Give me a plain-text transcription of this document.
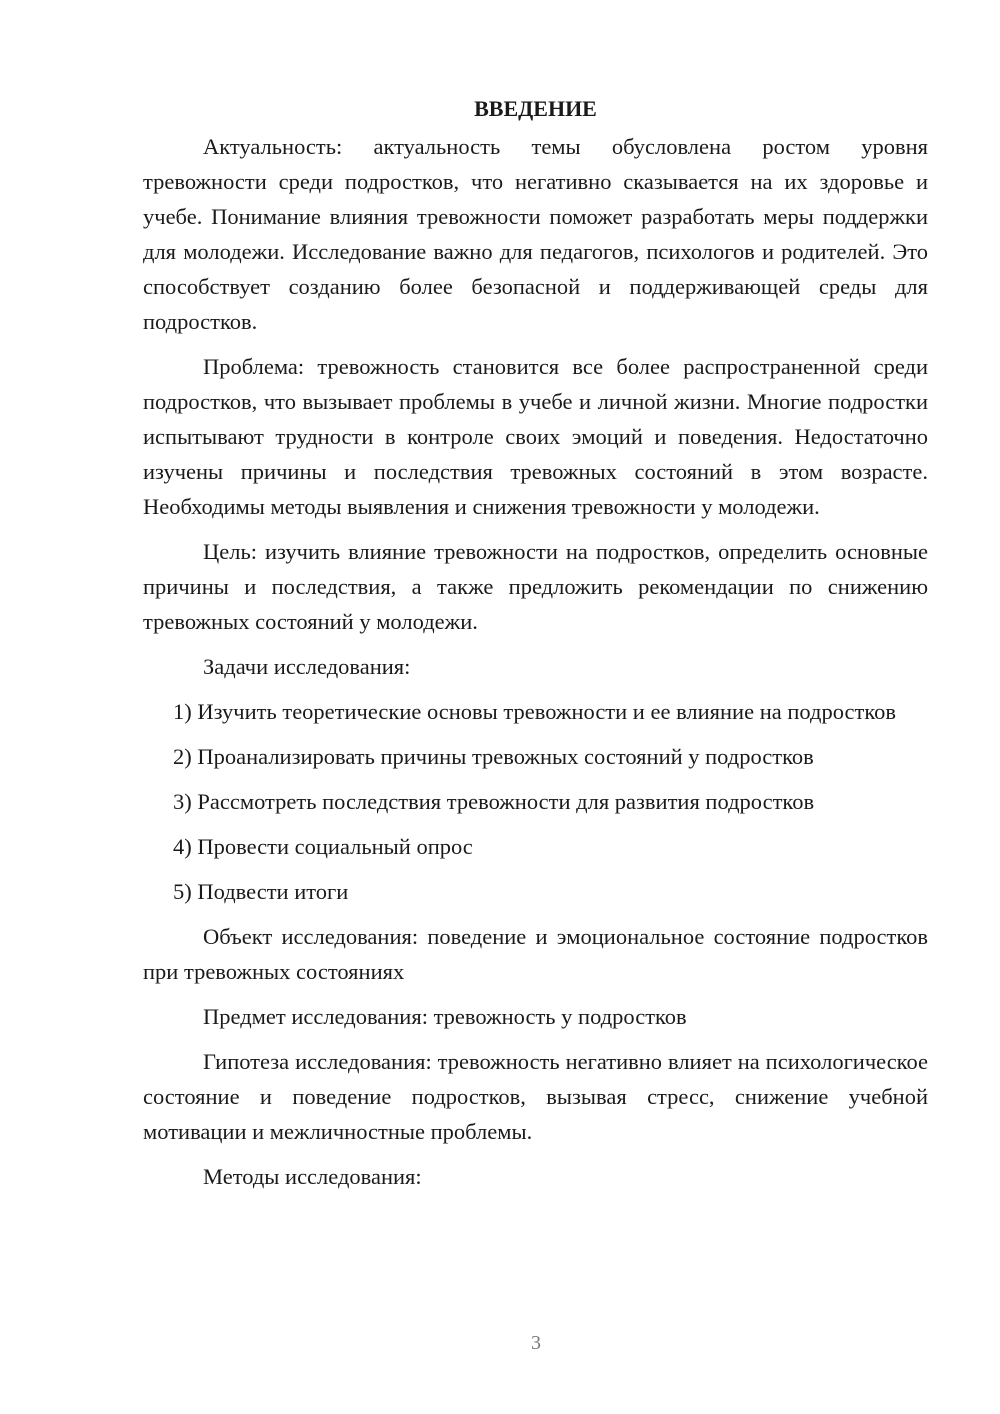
ВВЕДЕНИЕ

Актуальность: актуальность темы обусловлена ростом уровня тревожности среди подростков, что негативно сказывается на их здоровье и учебе. Понимание влияния тревожности поможет разработать меры поддержки для молодежи. Исследование важно для педагогов, психологов и родителей. Это способствует созданию более безопасной и поддерживающей среды для подростков.

Проблема: тревожность становится все более распространенной среди подростков, что вызывает проблемы в учебе и личной жизни. Многие подростки испытывают трудности в контроле своих эмоций и поведения. Недостаточно изучены причины и последствия тревожных состояний в этом возрасте. Необходимы методы выявления и снижения тревожности у молодежи.

Цель: изучить влияние тревожности на подростков, определить основные причины и последствия, а также предложить рекомендации по снижению тревожных состояний у молодежи.

Задачи исследования:

1) Изучить теоретические основы тревожности и ее влияние на подростков

2) Проанализировать причины тревожных состояний у подростков

3) Рассмотреть последствия тревожности для развития подростков

4) Провести социальный опрос

5) Подвести итоги

Объект исследования: поведение и эмоциональное состояние подростков при тревожных состояниях

Предмет исследования: тревожность у подростков

Гипотеза исследования: тревожность негативно влияет на психологическое состояние и поведение подростков, вызывая стресс, снижение учебной мотивации и межличностные проблемы.

Методы исследования:

3
